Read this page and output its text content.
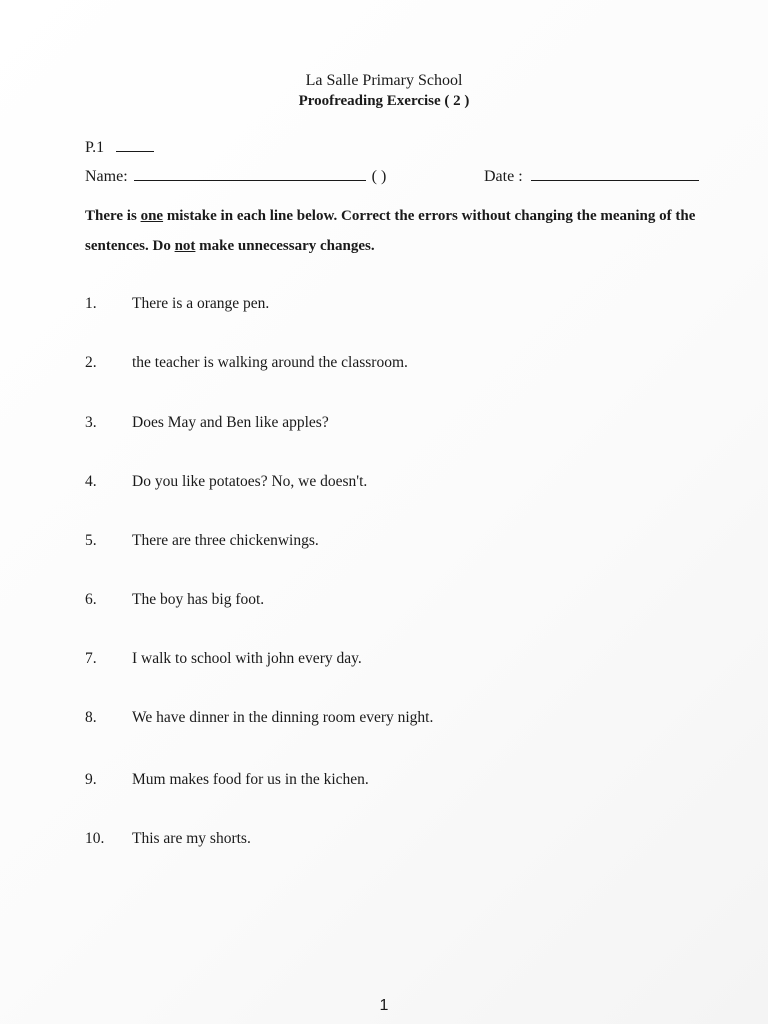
La Salle Primary School
Proofreading Exercise ( 2 )
P.1
Name:	( )	Date :
There is one mistake in each line below. Correct the errors without changing the meaning of the sentences. Do not make unnecessary changes.
1. There is a orange pen.
2. the teacher is walking around the classroom.
3. Does May and Ben like apples?
4. Do you like potatoes? No, we doesn't.
5. There are three chickenwings.
6. The boy has big foot.
7. I walk to school with john every day.
8. We have dinner in the dinning room every night.
9. Mum makes food for us in the kichen.
10. This are my shorts.
1
